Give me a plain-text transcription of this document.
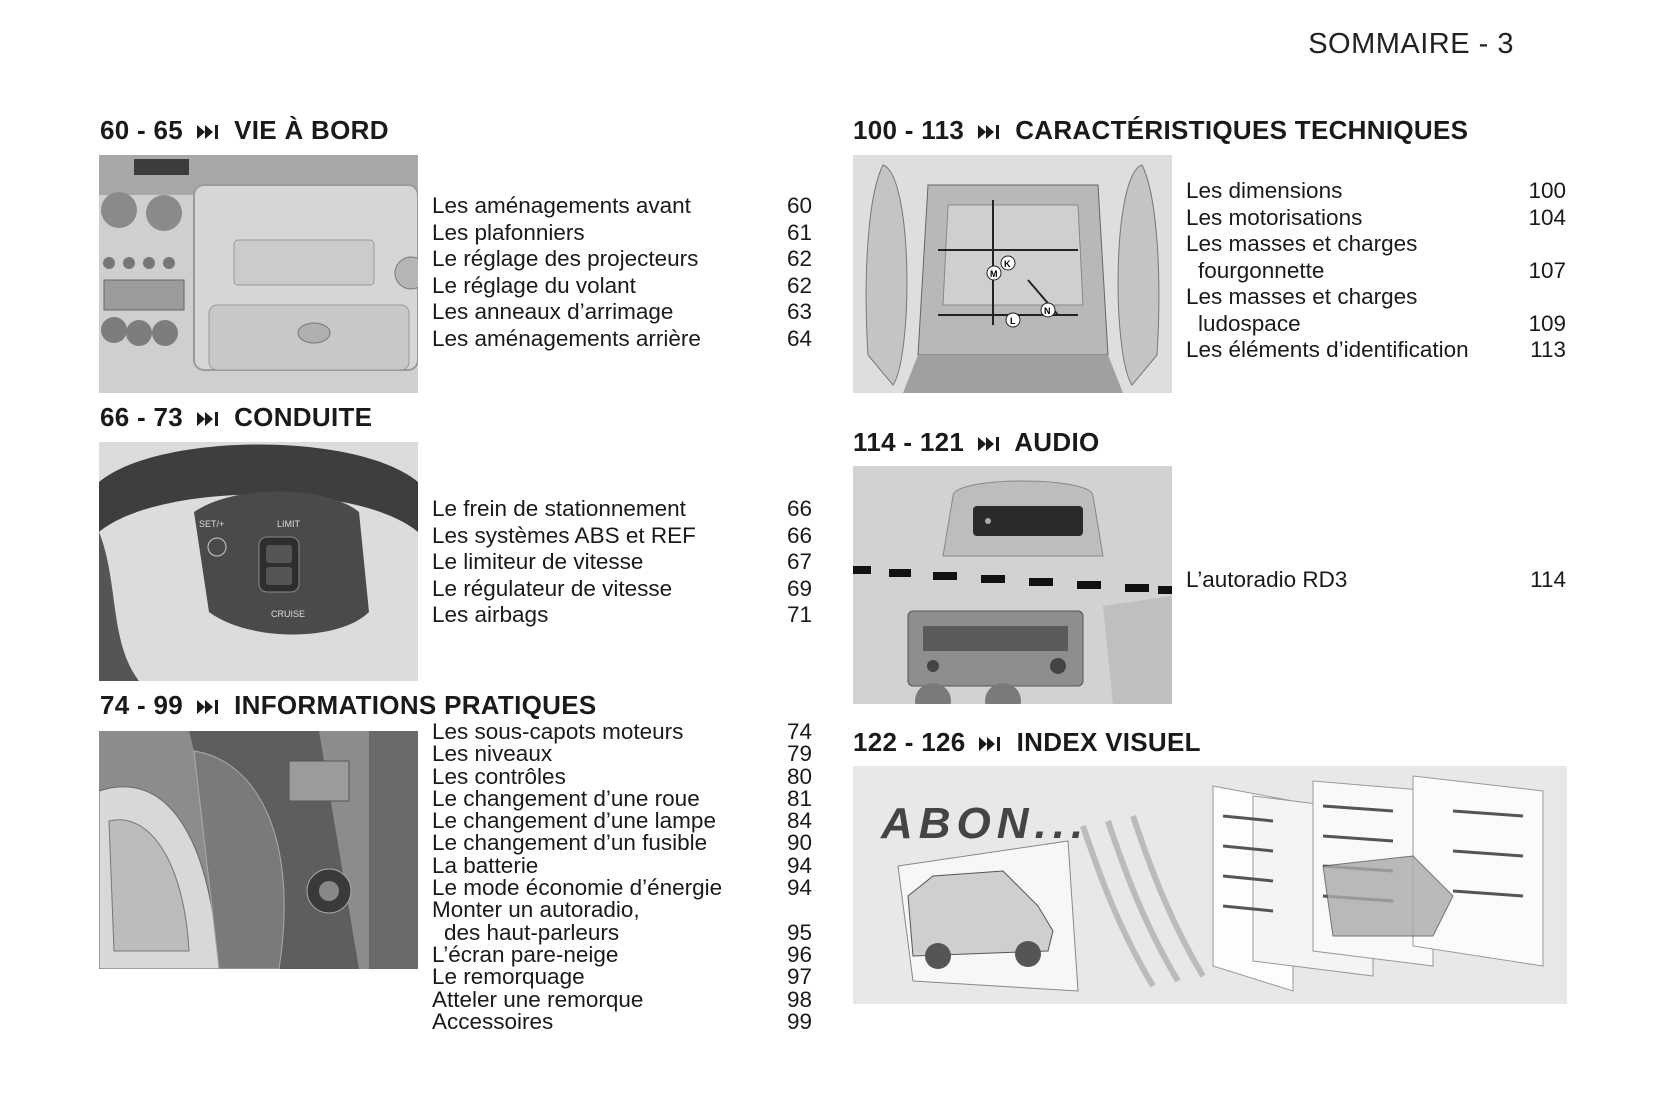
SOMMAIRE - 3
60 - 65 VIE À BORD
Les aménagements avant	60
Les plafonniers	61
Le réglage des projecteurs	62
Le réglage du volant	62
Les anneaux d’arrimage	63
Les aménagements arrière	64
66 - 73 CONDUITE
SET/+	LIMIT
CRUISE
Le frein de stationnement	66
Les systèmes ABS et REF	66
Le limiteur de vitesse	67
Le régulateur de vitesse	69
Les airbags	71
74 - 99 INFORMATIONS PRATIQUES
Les sous-capots moteurs	74
Les niveaux	79
Les contrôles	80
Le changement d’une roue	81
Le changement d’une lampe	84
Le changement d’un fusible	90
La batterie	94
Le mode économie d’énergie	94
Monter un autoradio,
des haut-parleurs	95
L’écran pare-neige	96
Le remorquage	97
Atteler une remorque	98
Accessoires	99
100 - 113 CARACTÉRISTIQUES TECHNIQUES
M
K
L
N
Les dimensions	100
Les motorisations	104
Les masses et charges
fourgonnette	107
Les masses et charges
ludospace	109
Les éléments d’identification	113
114 - 121 AUDIO
L’autoradio RD3	114
122 - 126 INDEX VISUEL
ABON...
